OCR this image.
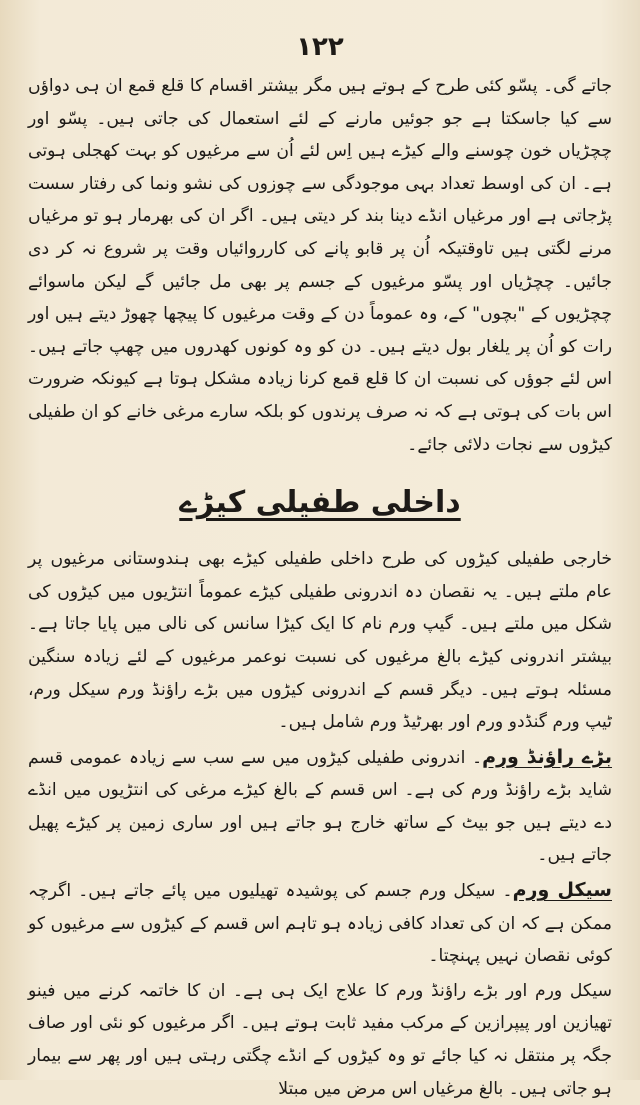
۱۲۲

جاتے گی۔ پسّو کئی طرح کے ہوتے ہیں مگر بیشتر اقسام کا قلع قمع ان ہی دواؤں سے کیا جاسکتا ہے جو جوئیں مارنے کے لئے استعمال کی جاتی ہیں۔ پسّو اور چچڑیاں خون چوسنے والے کیڑے ہیں اِس لئے اُن سے مرغیوں کو بہت کھجلی ہوتی ہے۔ ان کی اوسط تعداد بہی موجودگی سے چوزوں کی نشو ونما کی رفتار سست پڑجاتی ہے اور مرغیاں انڈے دینا بند کر دیتی ہیں۔ اگر ان کی بھرمار ہو تو مرغیاں مرنے لگتی ہیں تاوقتیکہ اُن پر قابو پانے کی کارروائیاں وقت پر شروع نہ کر دی جائیں۔ چچڑیاں اور پسّو مرغیوں کے جسم پر بھی مل جائیں گے لیکن ماسوائے چچڑیوں کے "بچوں" کے، وہ عموماً دن کے وقت مرغیوں کا پیچھا چھوڑ دیتے ہیں اور رات کو اُن پر یلغار بول دیتے ہیں۔ دن کو وہ کونوں کھدروں میں چھپ جاتے ہیں۔ اس لئے جوؤں کی نسبت ان کا قلع قمع کرنا زیادہ مشکل ہوتا ہے کیونکہ ضرورت اس بات کی ہوتی ہے کہ نہ صرف پرندوں کو بلکہ سارے مرغی خانے کو ان طفیلی کیڑوں سے نجات دلائی جائے۔

داخلی طفیلی کیڑے

خارجی طفیلی کیڑوں کی طرح داخلی طفیلی کیڑے بھی ہندوستانی مرغیوں پر عام ملتے ہیں۔ یہ نقصان دہ اندرونی طفیلی کیڑے عموماً انتڑیوں میں کیڑوں کی شکل میں ملتے ہیں۔ گیپ ورم نام کا ایک کیڑا سانس کی نالی میں پایا جاتا ہے۔ بیشتر اندرونی کیڑے بالغ مرغیوں کی نسبت نوعمر مرغیوں کے لئے زیادہ سنگین مسئلہ ہوتے ہیں۔ دیگر قسم کے اندرونی کیڑوں میں بڑے راؤنڈ ورم سیکل ورم، ٹیپ ورم گنڈدو ورم اور بھرٹیڈ ورم شامل ہیں۔

بڑے راؤنڈ ورم۔ اندرونی طفیلی کیڑوں میں سے سب سے زیادہ عمومی قسم شاید بڑے راؤنڈ ورم کی ہے۔ اس قسم کے بالغ کیڑے مرغی کی انتڑیوں میں انڈے دے دیتے ہیں جو بیٹ کے ساتھ خارج ہو جاتے ہیں اور ساری زمین پر کیڑے پھیل جاتے ہیں۔

سیکل ورم۔ سیکل ورم جسم کی پوشیدہ تھیلیوں میں پائے جاتے ہیں۔ اگرچہ ممکن ہے کہ ان کی تعداد کافی زیادہ ہو تاہم اس قسم کے کیڑوں سے مرغیوں کو کوئی نقصان نہیں پہنچتا۔

سیکل ورم اور بڑے راؤنڈ ورم کا علاج ایک ہی ہے۔ ان کا خاتمہ کرنے میں فینو تھیازین اور پیپرازین کے مرکب مفید ثابت ہوتے ہیں۔ اگر مرغیوں کو نئی اور صاف جگہ پر منتقل نہ کیا جائے تو وہ کیڑوں کے انڈے چگتی رہتی ہیں اور پھر سے بیمار ہو جاتی ہیں۔ بالغ مرغیاں اس مرض میں مبتلا
